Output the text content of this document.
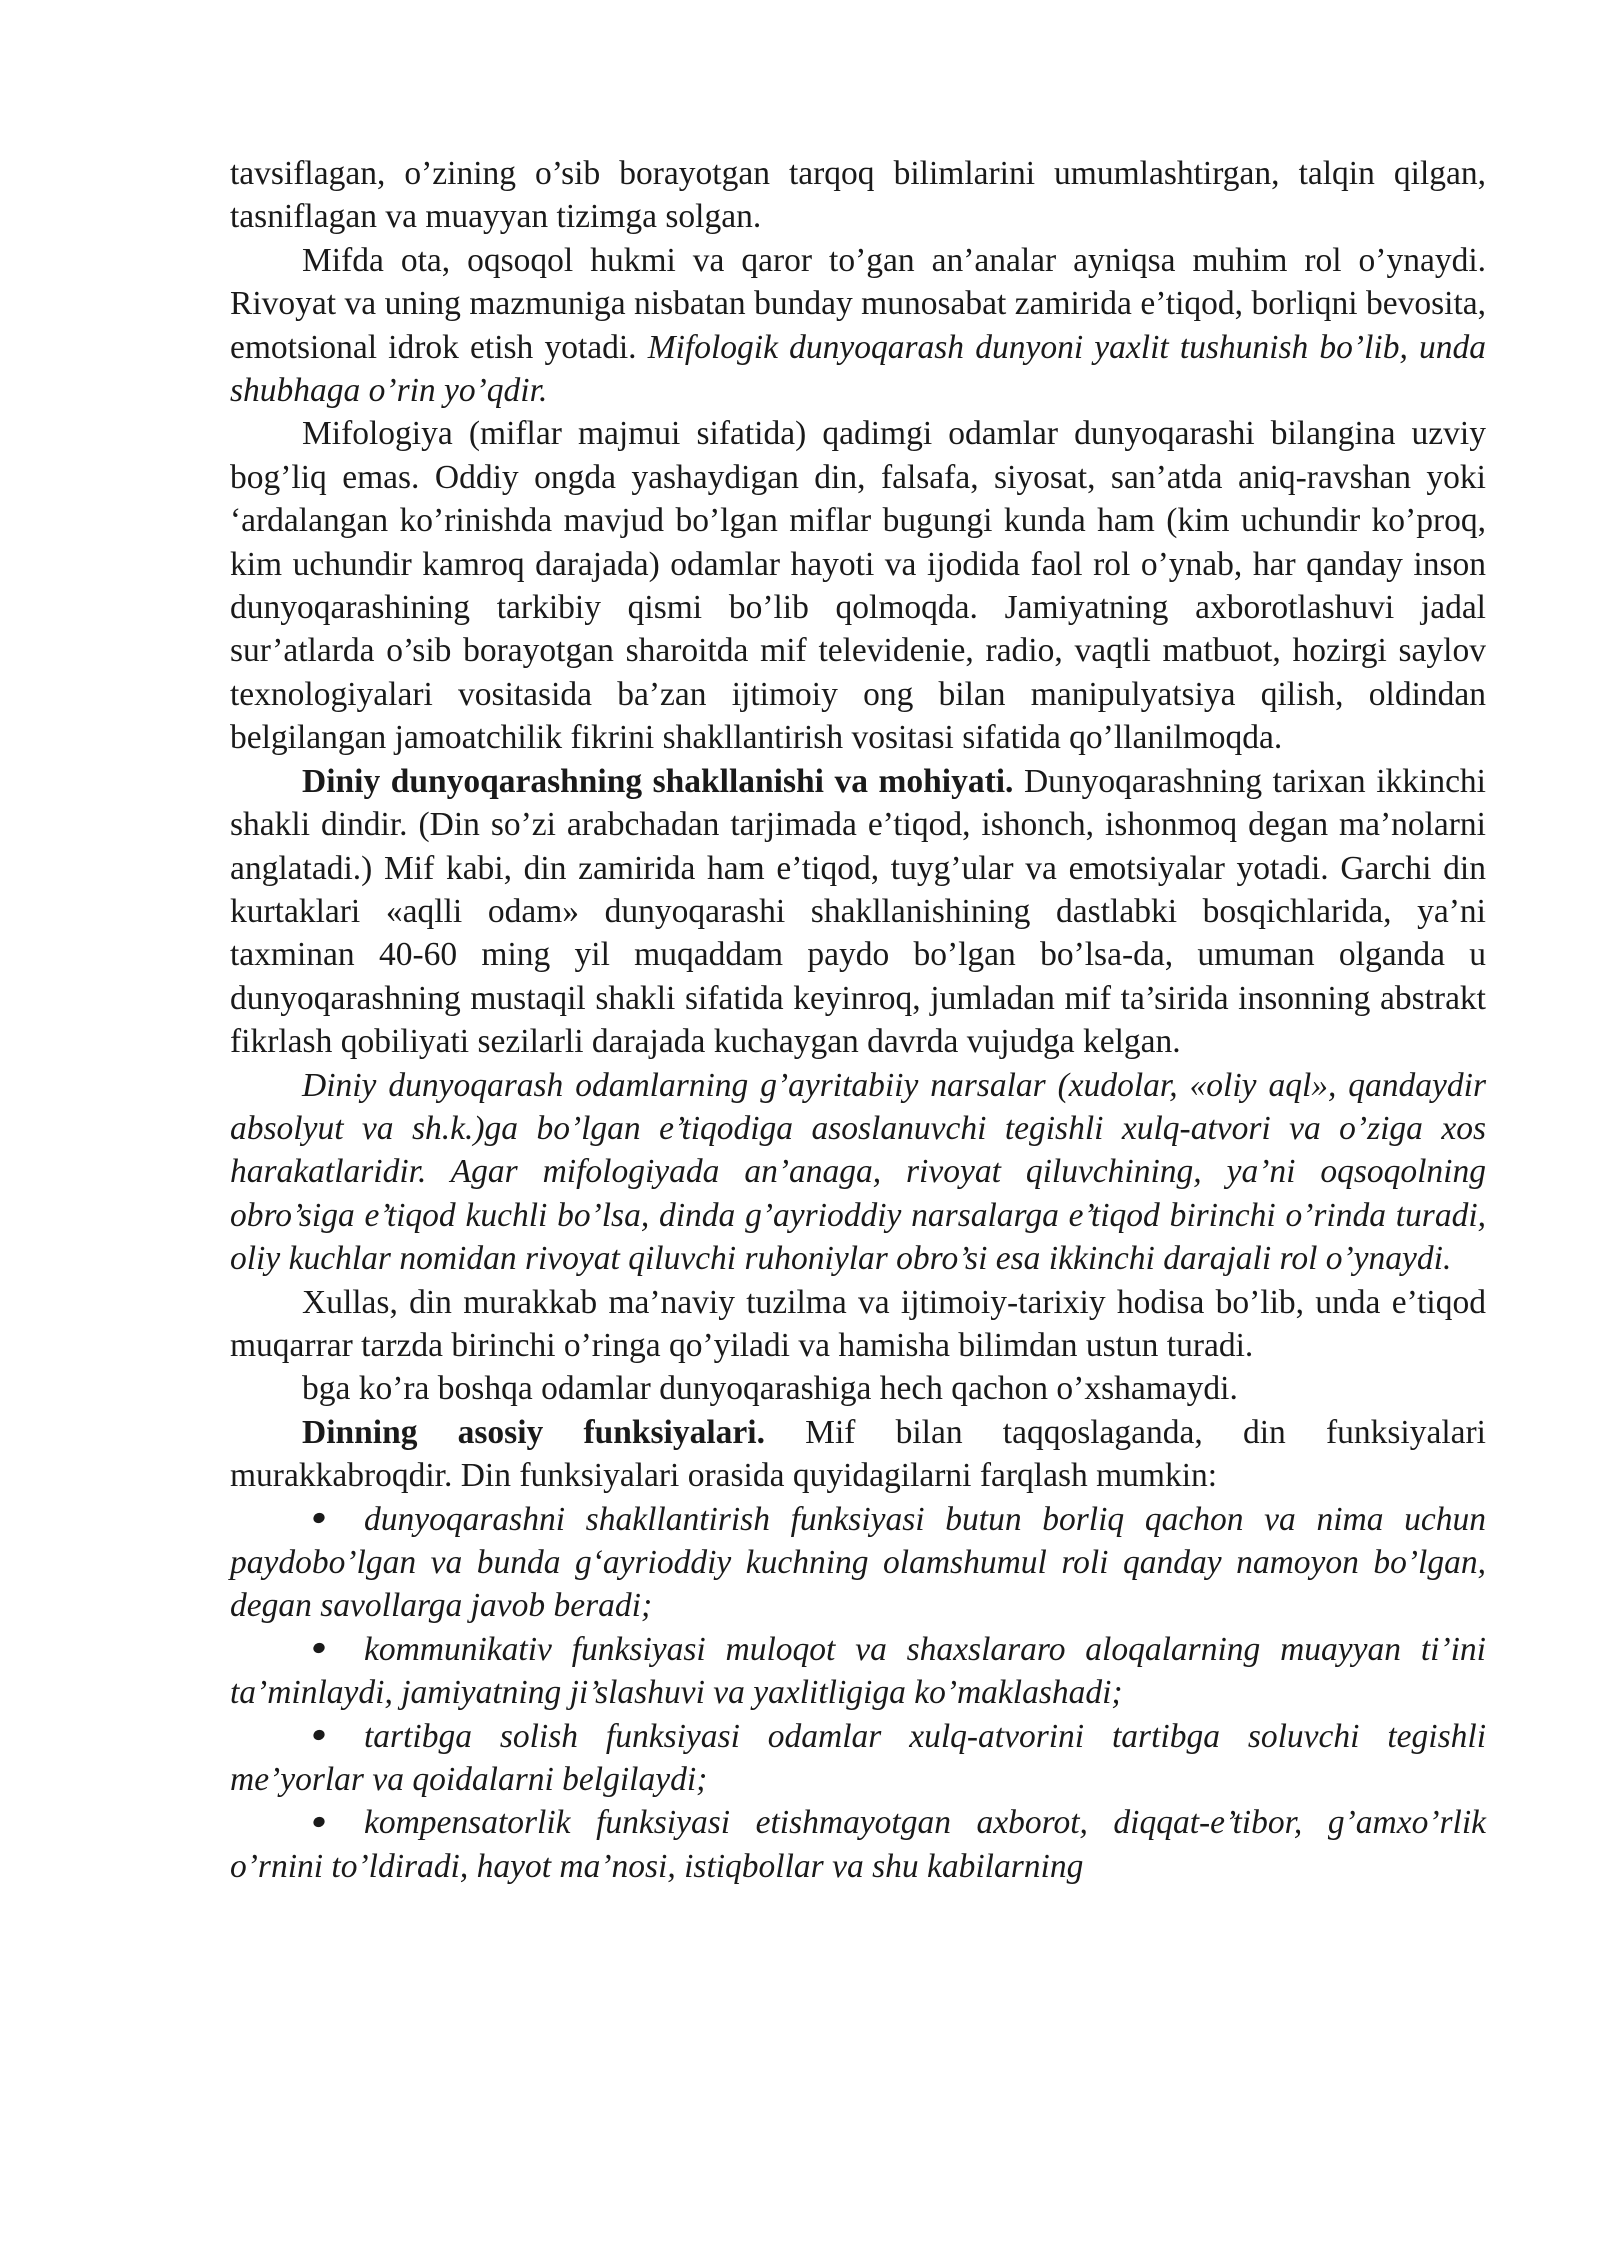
tavsiflagan, o’zining o’sib borayotgan tarqoq bilimlarini umumlashtirgan, talqin qilgan, tasniflagan va muayyan tizimga solgan.

Mifda ota, oqsoqol hukmi va qaror to’gan an’analar ayniqsa muhim rol o’ynaydi. Rivoyat va uning mazmuniga nisbatan bunday munosabat zamirida e’tiqod, borliqni bevosita, emotsional idrok etish yotadi. Mifologik dunyoqarash dunyoni yaxlit tushunish bo’lib, unda shubhaga o’rin yo’qdir.

Mifologiya (miflar majmui sifatida) qadimgi odamlar dunyoqarashi bilangina uzviy bog’liq emas. Oddiy ongda yashaydigan din, falsafa, siyosat, san’atda aniq-ravshan yoki ‘ardalangan ko’rinishda mavjud bo’lgan miflar bugungi kunda ham (kim uchundir ko’proq, kim uchundir kamroq darajada) odamlar hayoti va ijodida faol rol o’ynab, har qanday inson dunyoqarashining tarkibiy qismi bo’lib qolmoqda. Jamiyatning axborotlashuvi jadal sur’atlarda o’sib borayotgan sharoitda mif televidenie, radio, vaqtli matbuot, hozirgi saylov texnologiyalari vositasida ba’zan ijtimoiy ong bilan manipulyatsiya qilish, oldindan belgilangan jamoatchilik fikrini shakllantirish vositasi sifatida qo’llanilmoqda.

Diniy dunyoqarashning shakllanishi va mohiyati. Dunyoqarashning tarixan ikkinchi shakli dindir. (Din so’zi arabchadan tarjimada e’tiqod, ishonch, ishonmoq degan ma’nolarni anglatadi.) Mif kabi, din zamirida ham e’tiqod, tuyg’ular va emotsiyalar yotadi. Garchi din kurtaklari «aqlli odam» dunyoqarashi shakllanishining dastlabki bosqichlarida, ya’ni taxminan 40-60 ming yil muqaddam paydo bo’lgan bo’lsa-da, umuman olganda u dunyoqarashning mustaqil shakli sifatida keyinroq, jumladan mif ta’sirida insonning abstrakt fikrlash qobiliyati sezilarli darajada kuchaygan davrda vujudga kelgan.

Diniy dunyoqarash odamlarning g’ayritabiiy narsalar (xudolar, «oliy aql», qandaydir absolyut va sh.k.)ga bo’lgan e’tiqodiga asoslanuvchi tegishli xulq-atvori va o’ziga xos harakatlaridir. Agar mifologiyada an’anaga, rivoyat qiluvchining, ya’ni oqsoqolning obro’siga e’tiqod kuchli bo’lsa, dinda g’ayrioddiy narsalarga e’tiqod birinchi o’rinda turadi, oliy kuchlar nomidan rivoyat qiluvchi ruhoniylar obro’si esa ikkinchi darajali rol o’ynaydi.

Xullas, din murakkab ma’naviy tuzilma va ijtimoiy-tarixiy hodisa bo’lib, unda e’tiqod muqarrar tarzda birinchi o’ringa qo’yiladi va hamisha bilimdan ustun turadi.

bga ko’ra boshqa odamlar dunyoqarashiga hech qachon o’xshamaydi.

Dinning asosiy funksiyalari. Mif bilan taqqoslaganda, din funksiyalari murakkabroqdir. Din funksiyalari orasida quyidagilarni farqlash mumkin:

dunyoqarashni shakllantirish funksiyasi butun borliq qachon va nima uchun paydobo’lgan va bunda g‘ayrioddiy kuchning olamshumul roli qanday namoyon bo’lgan, degan savollarga javob beradi;

kommunikativ funksiyasi muloqot va shaxslararo aloqalarning muayyan ti’ini ta’minlaydi, jamiyatning ji’slashuvi va yaxlitligiga ko’maklashadi;

tartibga solish funksiyasi odamlar xulq-atvorini tartibga soluvchi tegishli me’yorlar va qoidalarni belgilaydi;

kompensatorlik funksiyasi etishmayotgan axborot, diqqat-e’tibor, g’amxo’rlik o’rnini to’ldiradi, hayot ma’nosi, istiqbollar va shu kabilarning
